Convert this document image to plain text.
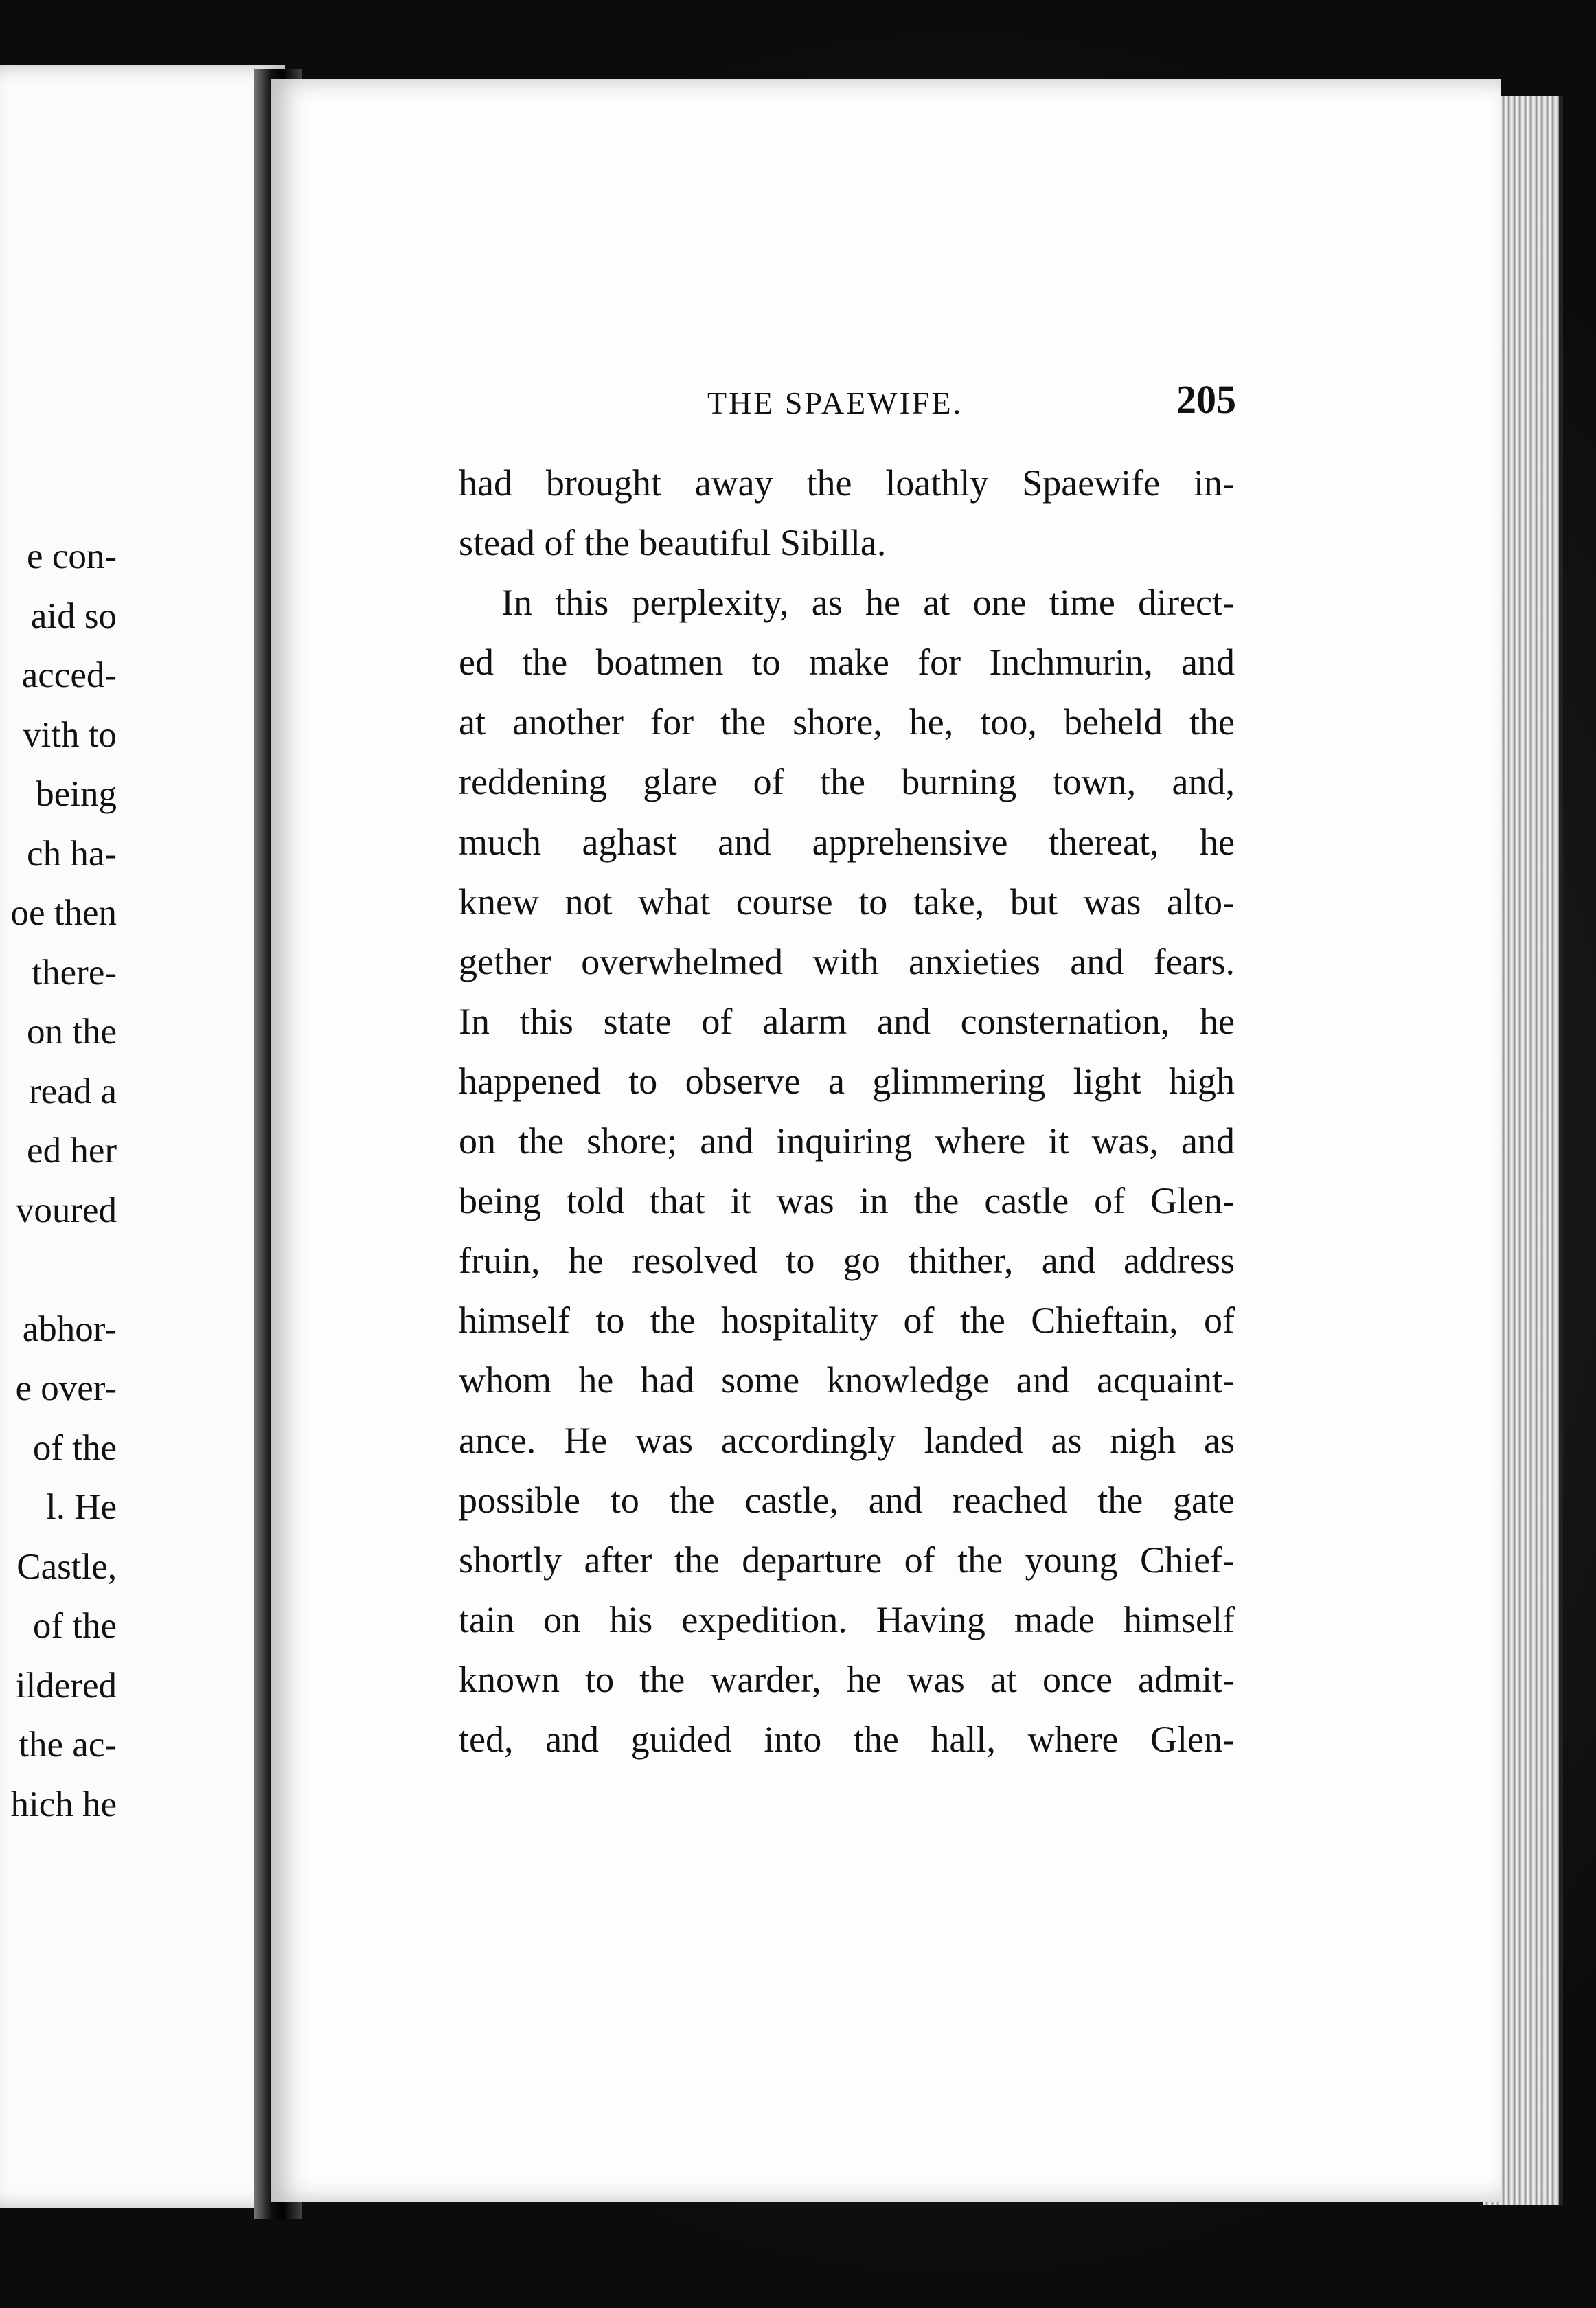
e con-
aid so
acced-
vith to
being
ch ha-
oe then
there-
on the
read a
ed her
voured

abhor-
e over-
of the
l. He
Castle,
of the
ildered
the ac-
hich he
THE SPAEWIFE.	205
had brought away the loathly Spaewife in-
stead of the beautiful Sibilla.
In this perplexity, as he at one time direct-
ed the boatmen to make for Inchmurin, and
at another for the shore, he, too, beheld the
reddening glare of the burning town, and,
much aghast and apprehensive thereat, he
knew not what course to take, but was alto-
gether overwhelmed with anxieties and fears.
In this state of alarm and consternation, he
happened to observe a glimmering light high
on the shore; and inquiring where it was, and
being told that it was in the castle of Glen-
fruin, he resolved to go thither, and address
himself to the hospitality of the Chieftain, of
whom he had some knowledge and acquaint-
ance. He was accordingly landed as nigh as
possible to the castle, and reached the gate
shortly after the departure of the young Chief-
tain on his expedition. Having made himself
known to the warder, he was at once admit-
ted, and guided into the hall, where Glen-
